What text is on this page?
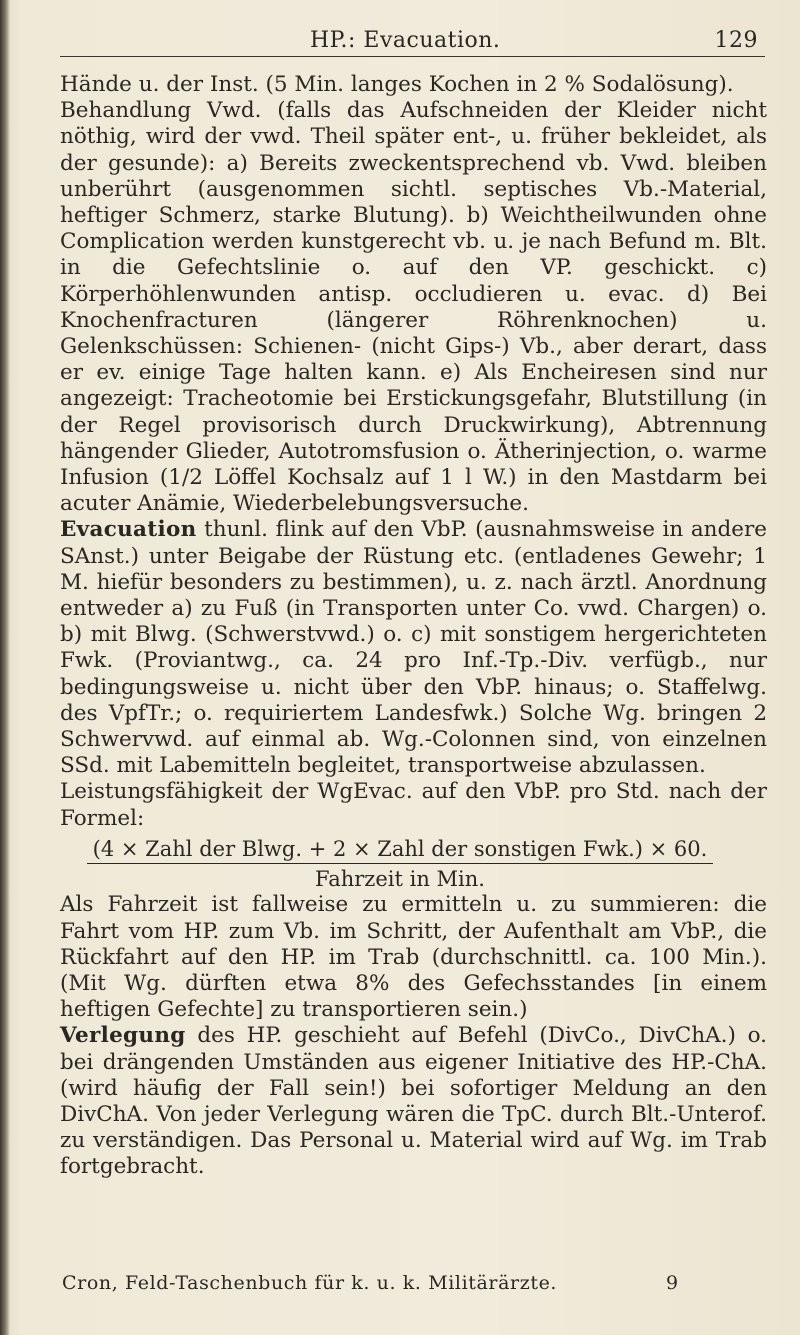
HP.: Evacuation.	129

Hände u. der Inst. (5 Min. langes Kochen in 2 % Sodalösung).

Behandlung Vwd. (falls das Aufschneiden der Kleider nicht nöthig, wird der vwd. Theil später ent-, u. früher bekleidet, als der gesunde): a) Bereits zweckentsprechend vb. Vwd. bleiben unberührt (ausgenommen sichtl. septisches Vb.-Material, heftiger Schmerz, starke Blutung). b) Weichtheilwunden ohne Complication werden kunstgerecht vb. u. je nach Befund m. Blt. in die Gefechtslinie o. auf den VP. geschickt. c) Körperhöhlenwunden antisp. occludieren u. evac. d) Bei Knochenfracturen (längerer Röhrenknochen) u. Gelenkschüssen: Schienen- (nicht Gips-) Vb., aber derart, dass er ev. einige Tage halten kann. e) Als Encheiresen sind nur angezeigt: Tracheotomie bei Erstickungsgefahr, Blutstillung (in der Regel provisorisch durch Druckwirkung), Abtrennung hängender Glieder, Autotromsfusion o. Ätherinjection, o. warme Infusion (1/2 Löffel Kochsalz auf 1 l W.) in den Mastdarm bei acuter Anämie, Wiederbelebungsversuche.

Evacuation thunl. flink auf den VbP. (ausnahmsweise in andere SAnst.) unter Beigabe der Rüstung etc. (entladenes Gewehr; 1 M. hiefür besonders zu bestimmen), u. z. nach ärztl. Anordnung entweder a) zu Fuß (in Transporten unter Co. vwd. Chargen) o. b) mit Blwg. (Schwerstvwd.) o. c) mit sonstigem hergerichteten Fwk. (Proviantwg., ca. 24 pro Inf.-Tp.-Div. verfügb., nur bedingungsweise u. nicht über den VbP. hinaus; o. Staffelwg. des VpfTr.; o. requiriertem Landesfwk.) Solche Wg. bringen 2 Schwervwd. auf einmal ab. Wg.-Colonnen sind, von einzelnen SSd. mit Labemitteln begleitet, transportweise abzulassen.

Leistungsfähigkeit der WgEvac. auf den VbP. pro Std. nach der Formel:

(4 × Zahl der Blwg. + 2 × Zahl der sonstigen Fwk.) × 60.
Fahrzeit in Min.

Als Fahrzeit ist fallweise zu ermitteln u. zu summieren: die Fahrt vom HP. zum Vb. im Schritt, der Aufenthalt am VbP., die Rückfahrt auf den HP. im Trab (durchschnittl. ca. 100 Min.). (Mit Wg. dürften etwa 8% des Gefechsstandes [in einem heftigen Gefechte] zu transportieren sein.)

Verlegung des HP. geschieht auf Befehl (DivCo., DivChA.) o. bei drängenden Umständen aus eigener Initiative des HP.-ChA. (wird häufig der Fall sein!) bei sofortiger Meldung an den DivChA. Von jeder Verlegung wären die TpC. durch Blt.-Unterof. zu verständigen. Das Personal u. Material wird auf Wg. im Trab fortgebracht.

Cron, Feld-Taschenbuch für k. u. k. Militärärzte.	9
